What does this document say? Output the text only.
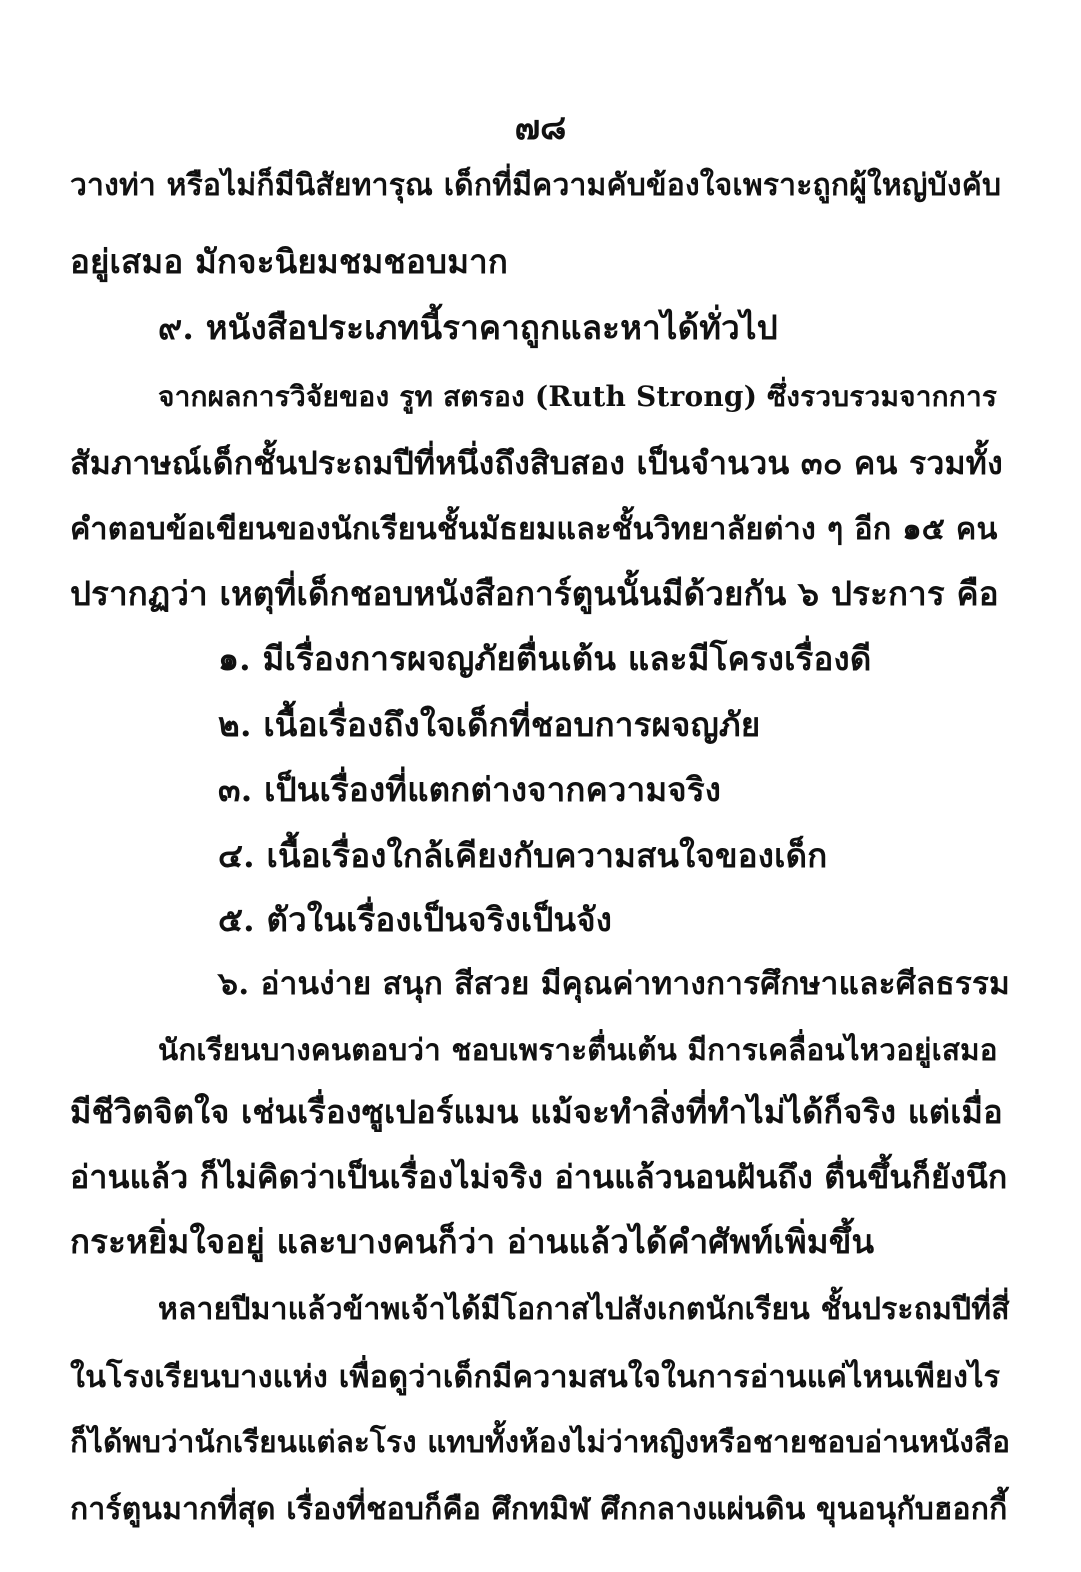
๗๘
วางท่า หรือไม่ก็มีนิสัยทารุณ เด็กที่มีความคับข้องใจเพราะถูกผู้ใหญ่บังคับ
อยู่เสมอ มักจะนิยมชมชอบมาก
๙. หนังสือประเภทนี้ราคาถูกและหาได้ทั่วไป
จากผลการวิจัยของ รูท สตรอง (Ruth Strong) ซึ่งรวบรวมจากการ
สัมภาษณ์เด็กชั้นประถมปีที่หนึ่งถึงสิบสอง เป็นจำนวน ๓๐ คน รวมทั้ง
คำตอบข้อเขียนของนักเรียนชั้นมัธยมและชั้นวิทยาลัยต่าง ๆ อีก ๑๕ คน
ปรากฏว่า เหตุที่เด็กชอบหนังสือการ์ตูนนั้นมีด้วยกัน ๖ ประการ คือ
๑. มีเรื่องการผจญภัยตื่นเต้น และมีโครงเรื่องดี
๒. เนื้อเรื่องถึงใจเด็กที่ชอบการผจญภัย
๓. เป็นเรื่องที่แตกต่างจากความจริง
๔. เนื้อเรื่องใกล้เคียงกับความสนใจของเด็ก
๕. ตัวในเรื่องเป็นจริงเป็นจัง
๖. อ่านง่าย สนุก สีสวย มีคุณค่าทางการศึกษาและศีลธรรม
นักเรียนบางคนตอบว่า ชอบเพราะตื่นเต้น มีการเคลื่อนไหวอยู่เสมอ
มีชีวิตจิตใจ เช่นเรื่องซูเปอร์แมน แม้จะทำสิ่งที่ทำไม่ได้ก็จริง แต่เมื่อ
อ่านแล้ว ก็ไม่คิดว่าเป็นเรื่องไม่จริง อ่านแล้วนอนฝันถึง ตื่นขึ้นก็ยังนึก
กระหยิ่มใจอยู่ และบางคนก็ว่า อ่านแล้วได้คำศัพท์เพิ่มขึ้น
หลายปีมาแล้วข้าพเจ้าได้มีโอกาสไปสังเกตนักเรียน ชั้นประถมปีที่สี่
ในโรงเรียนบางแห่ง เพื่อดูว่าเด็กมีความสนใจในการอ่านแค่ไหนเพียงไร
ก็ได้พบว่านักเรียนแต่ละโรง แทบทั้งห้องไม่ว่าหญิงหรือชายชอบอ่านหนังสือ
การ์ตูนมากที่สุด เรื่องที่ชอบก็คือ ศึกทมิฬ ศึกกลางแผ่นดิน ขุนอนุกับฮอกกี้
